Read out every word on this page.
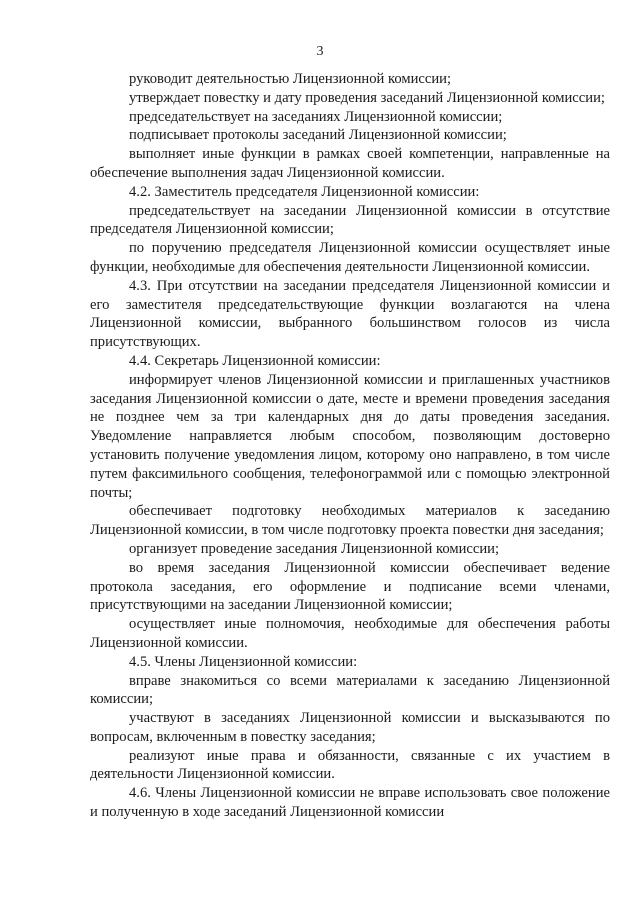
3

руководит деятельностью Лицензионной комиссии;

утверждает повестку и дату проведения заседаний Лицензионной комиссии;

председательствует на заседаниях Лицензионной комиссии;

подписывает протоколы заседаний Лицензионной комиссии;

выполняет иные функции в рамках своей компетенции, направленные на обеспечение выполнения задач Лицензионной комиссии.

4.2. Заместитель председателя Лицензионной комиссии:

председательствует на заседании Лицензионной комиссии в отсутствие председателя Лицензионной комиссии;

по поручению председателя Лицензионной комиссии осуществляет иные функции, необходимые для обеспечения деятельности Лицензионной комиссии.

4.3. При отсутствии на заседании председателя Лицензионной комиссии и его заместителя председательствующие функции возлагаются на члена Лицензионной комиссии, выбранного большинством голосов из числа присутствующих.

4.4. Секретарь Лицензионной комиссии:

информирует членов Лицензионной комиссии и приглашенных участников заседания Лицензионной комиссии о дате, месте и времени проведения заседания не позднее чем за три календарных дня до даты проведения заседания. Уведомление направляется любым способом, позволяющим достоверно установить получение уведомления лицом, которому оно направлено, в том числе путем факсимильного сообщения, телефонограммой или с помощью электронной почты;

обеспечивает подготовку необходимых материалов к заседанию Лицензионной комиссии, в том числе подготовку проекта повестки дня заседания;

организует проведение заседания Лицензионной комиссии;

во время заседания Лицензионной комиссии обеспечивает ведение протокола заседания, его оформление и подписание всеми членами, присутствующими на заседании Лицензионной комиссии;

осуществляет иные полномочия, необходимые для обеспечения работы Лицензионной комиссии.

4.5. Члены Лицензионной комиссии:

вправе знакомиться со всеми материалами к заседанию Лицензионной комиссии;

участвуют в заседаниях Лицензионной комиссии и высказываются по вопросам, включенным в повестку заседания;

реализуют иные права и обязанности, связанные с их участием в деятельности Лицензионной комиссии.

4.6. Члены Лицензионной комиссии не вправе использовать свое положение и полученную в ходе заседаний Лицензионной комиссии
